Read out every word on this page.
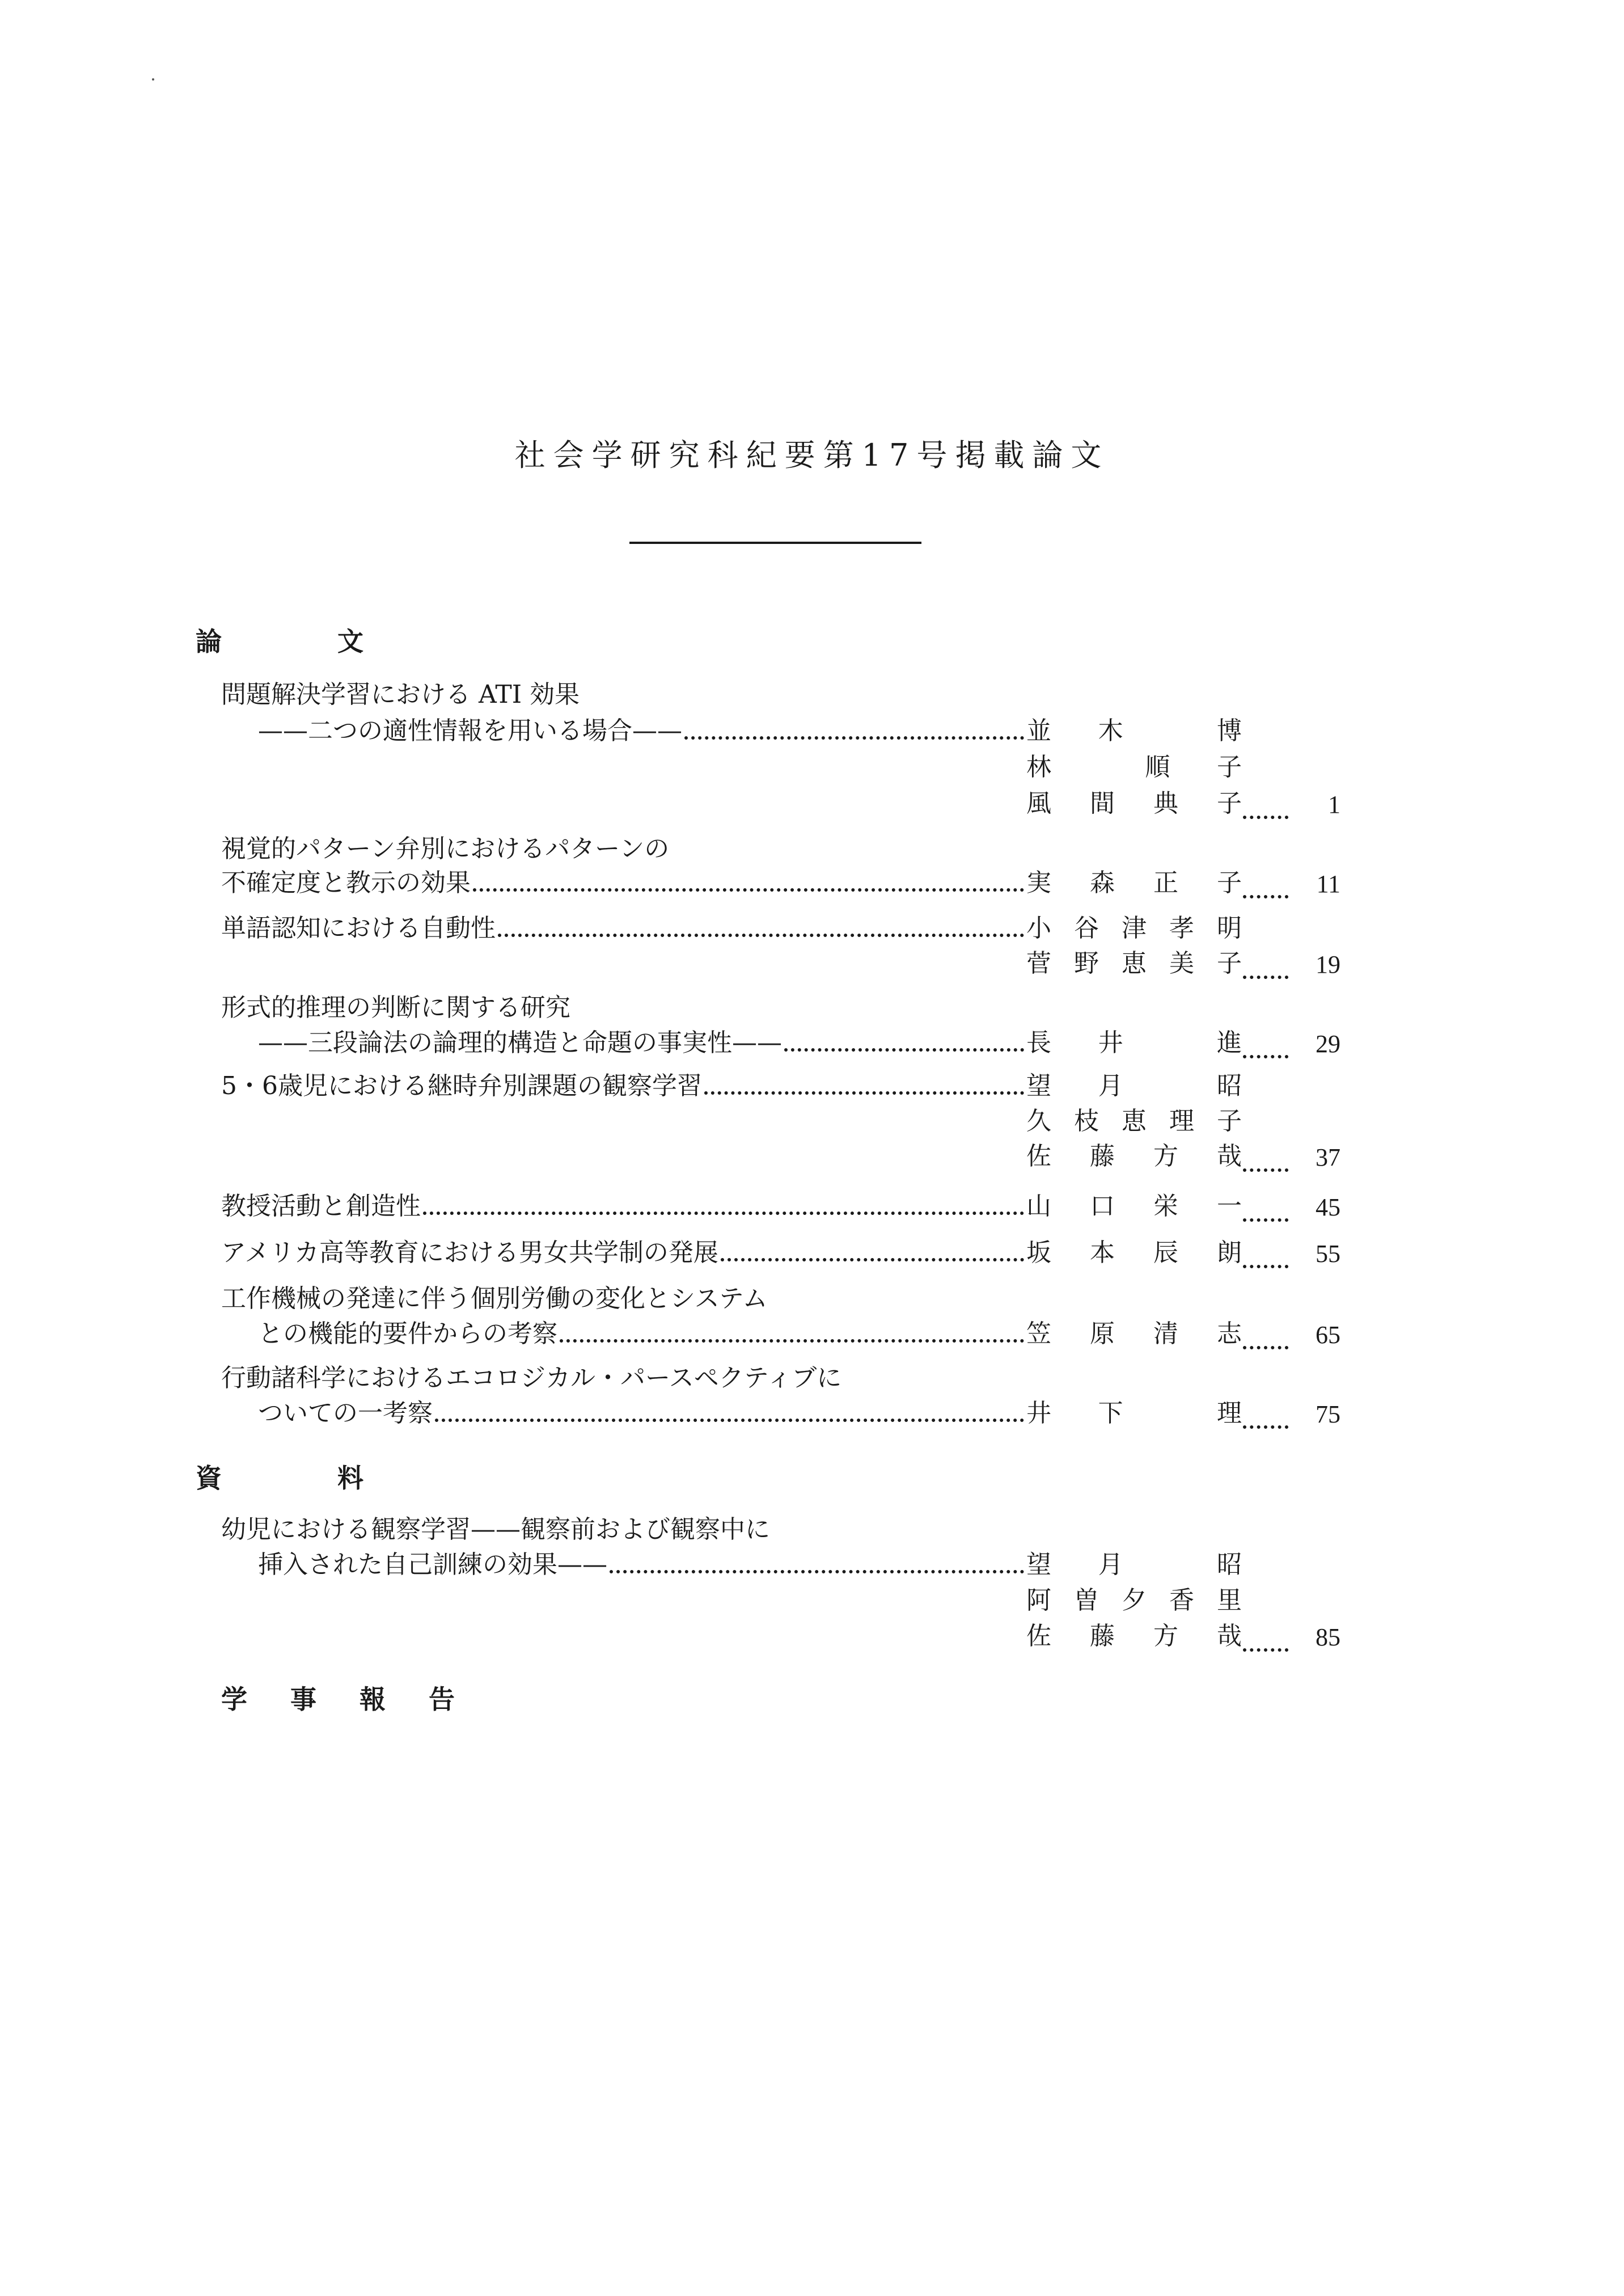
社会学研究科紀要第17号掲載論文
論	文
問題解決学習における ATI 効果
——二つの適性情報を用いる場合——	並 木	博
林	順 子
風 間 典 子	1
視覚的パターン弁別におけるパターンの
不確定度と教示の効果	実 森 正 子	11
単語認知における自動性	小 谷 津 孝 明
菅 野 恵 美 子	19
形式的推理の判断に関する研究
——三段論法の論理的構造と命題の事実性——	長 井	進	29
5・6歳児における継時弁別課題の観察学習	望 月	昭
久 枝 恵 理 子
佐 藤 方 哉	37
教授活動と創造性	山 口 栄 一	45
アメリカ高等教育における男女共学制の発展	坂 本 辰 朗	55
工作機械の発達に伴う個別労働の変化とシステム
との機能的要件からの考察	笠 原 清 志	65
行動諸科学におけるエコロジカル・パースペクティブに
ついての一考察	井 下	理	75
資	料
幼児における観察学習——観察前および観察中に
挿入された自己訓練の効果——	望 月	昭
阿 曽 夕 香 里
佐 藤 方 哉	85
学 事 報 告
